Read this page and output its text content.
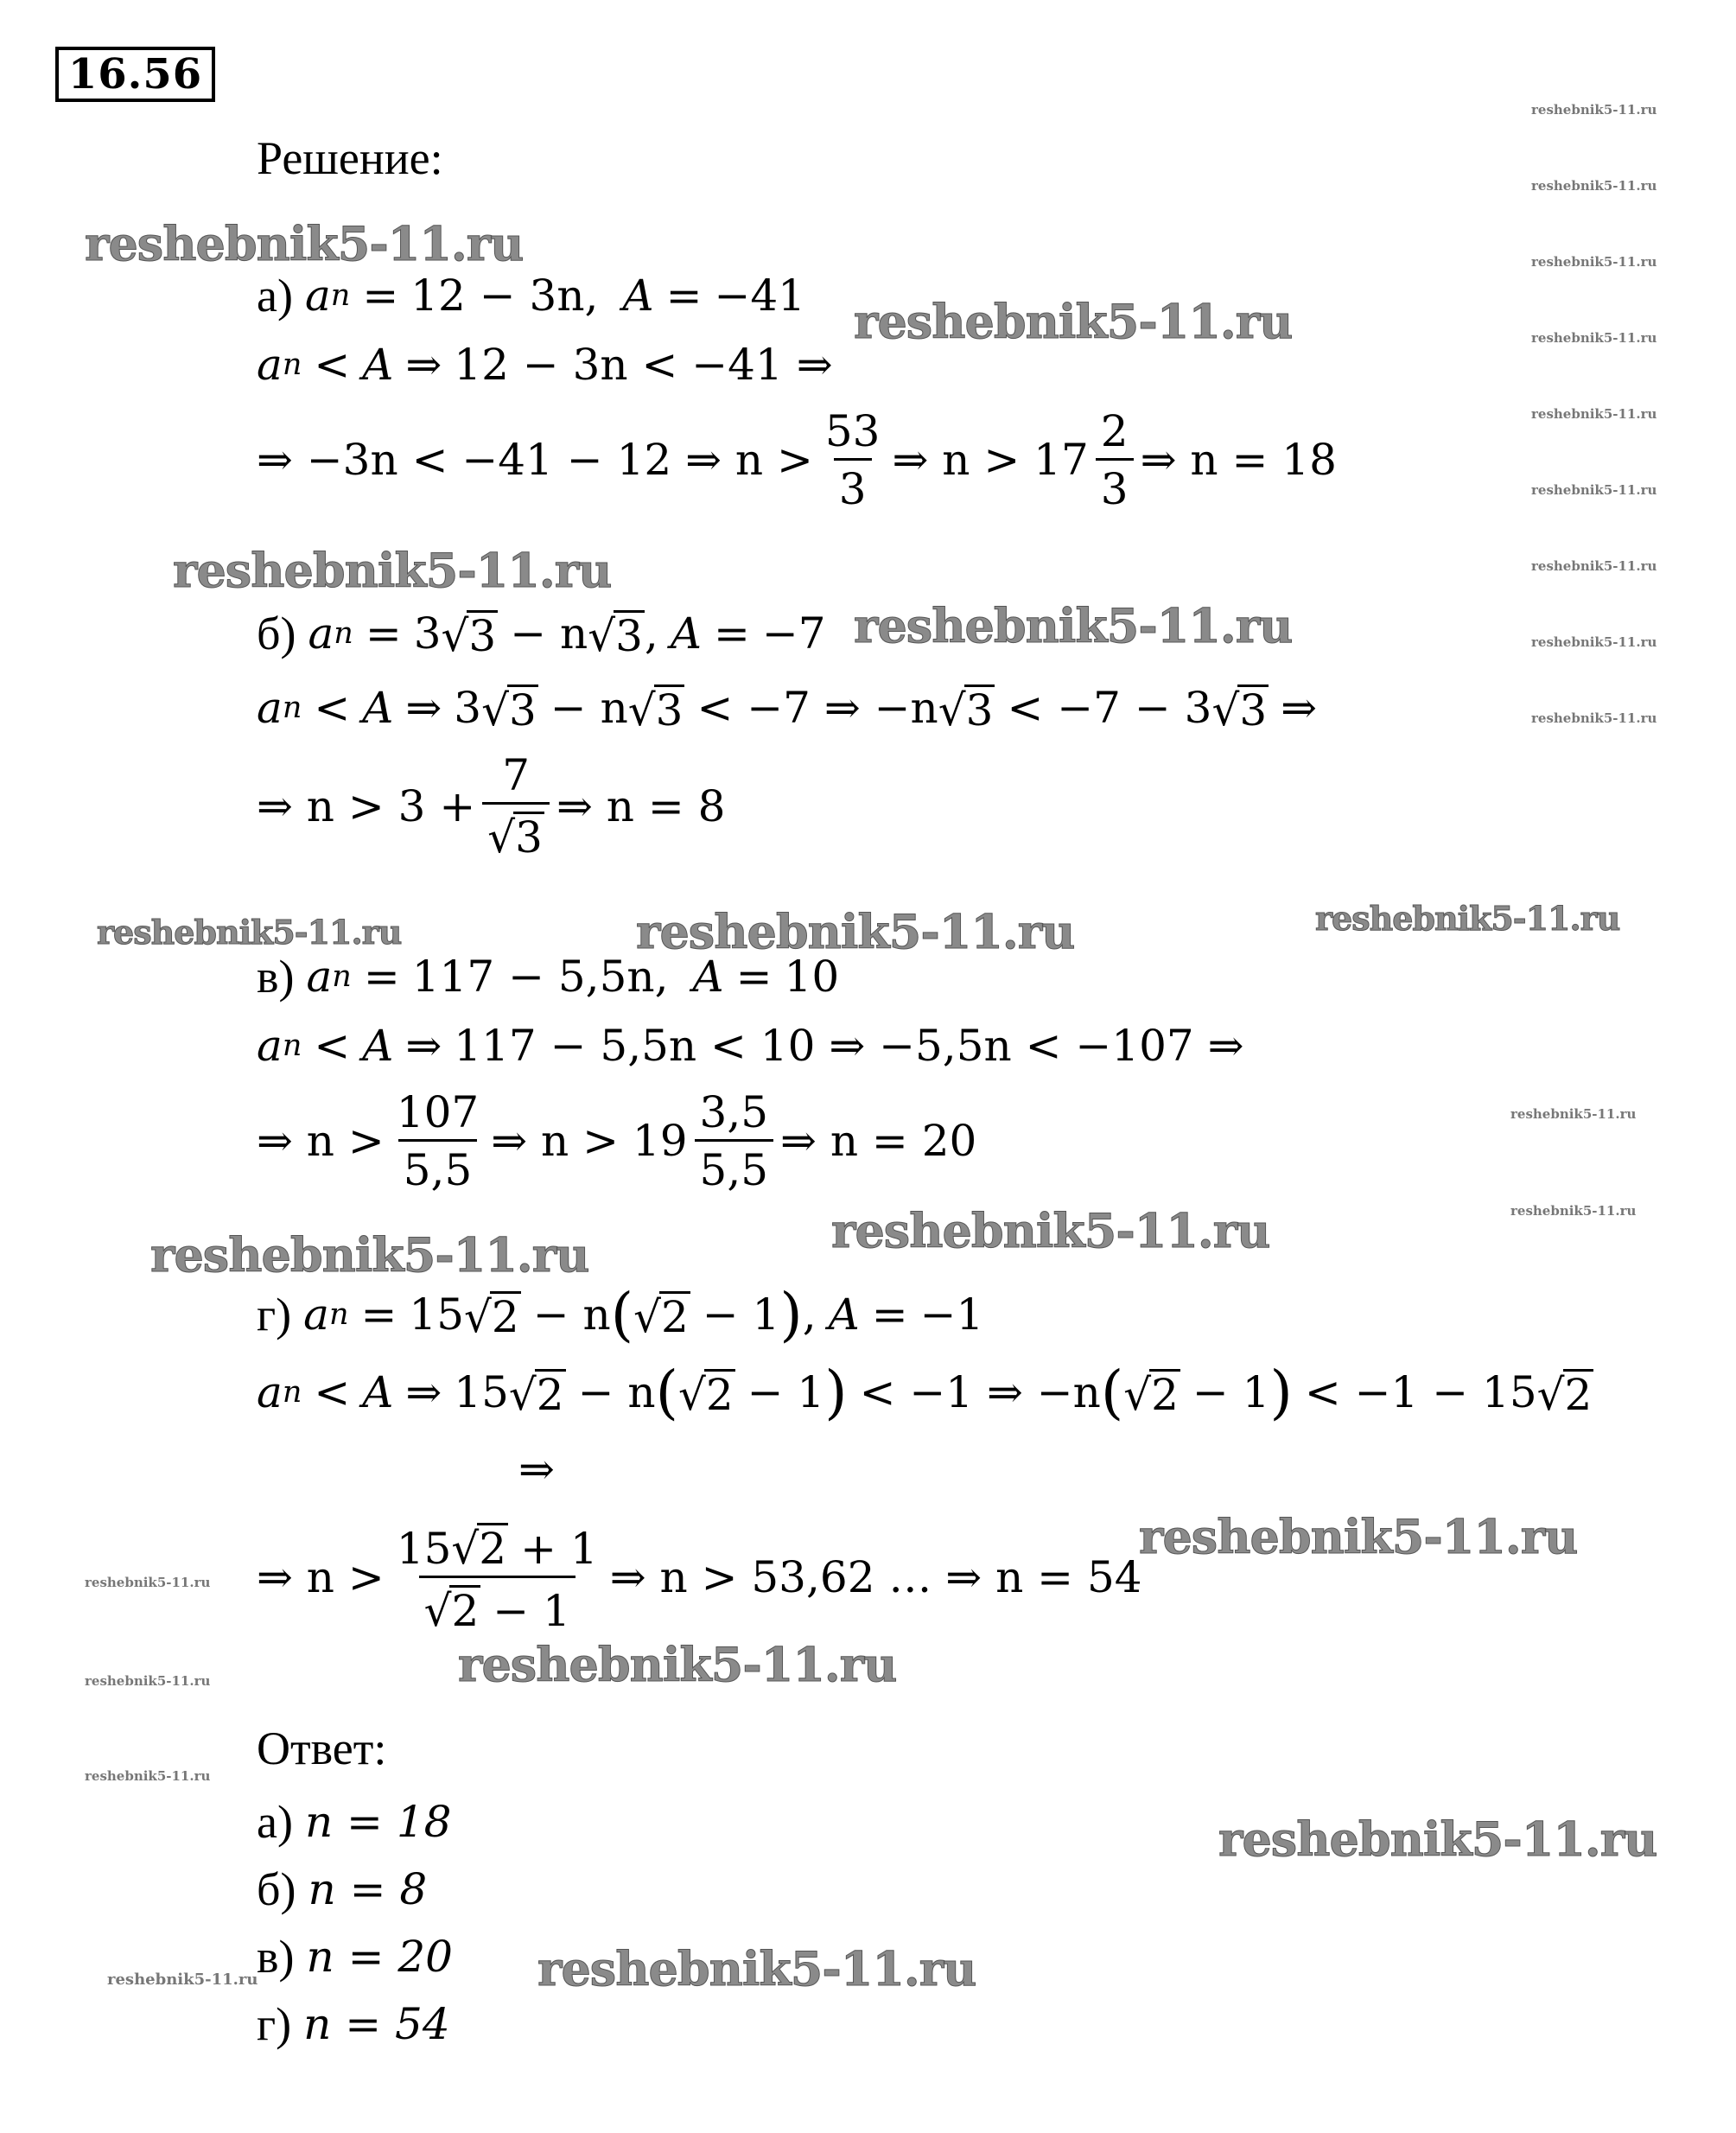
16.56
Решение:
а) a n = 12 − 3n , A = −41
a n < A ⇒ 12 − 3n < −41 ⇒
⇒ −3n < −41 − 12 ⇒ $n > \frac{53}{3}$ ⇒ $n > 17 \frac{2}{3}$ ⇒ n = 18
б) a n = 3 √ 3 − n √ 3 , A = −7
a n < A ⇒ 3 √ 3 − n √ 3 < −7 ⇒ −n √ 3 < −7 − 3 √ 3 ⇒
⇒ $n > 3 + \frac{7}{√ 3}$ ⇒ n = 8
в) a n = 117 − 5,5n , A = 10
a n < A ⇒ 117 − 5,5n < 10 ⇒ −5,5n < −107 ⇒
⇒ $n > \frac{107}{5,5}$ ⇒ $n > 19 \frac{3,5}{5,5}$ ⇒ n = 20
г) a n = 15 √ 2 − n ( √ 2 − 1 ) , A = −1
a n < A ⇒ 15 √ 2 − n ( √ 2 − 1 ) < −1 ⇒ −n ( √ 2 − 1 ) < −1 − 15 √ 2
⇒
⇒ $n > \frac{15 √ 2 + 1}{√ 2 - 1}$ ⇒ n > 53,62 … ⇒ n = 54
Ответ:
а) n = 18
б) n = 8
в) n = 20
г) n = 54
reshebnik5-11.ru
reshebnik5-11.ru
reshebnik5-11.ru
reshebnik5-11.ru
reshebnik5-11.ru	reshebnik5-11.ru	reshebnik5-11.ru
reshebnik5-11.ru
reshebnik5-11.ru
reshebnik5-11.ru
reshebnik5-11.ru
reshebnik5-11.ru
reshebnik5-11.ru
reshebnik5-11.ru
reshebnik5-11.ru
reshebnik5-11.ru
reshebnik5-11.ru
reshebnik5-11.ru
reshebnik5-11.ru
reshebnik5-11.ru
reshebnik5-11.ru
reshebnik5-11.ru
reshebnik5-11.ru
reshebnik5-11.ru
reshebnik5-11.ru
reshebnik5-11.ru
reshebnik5-11.ru
reshebnik5-11.ru
